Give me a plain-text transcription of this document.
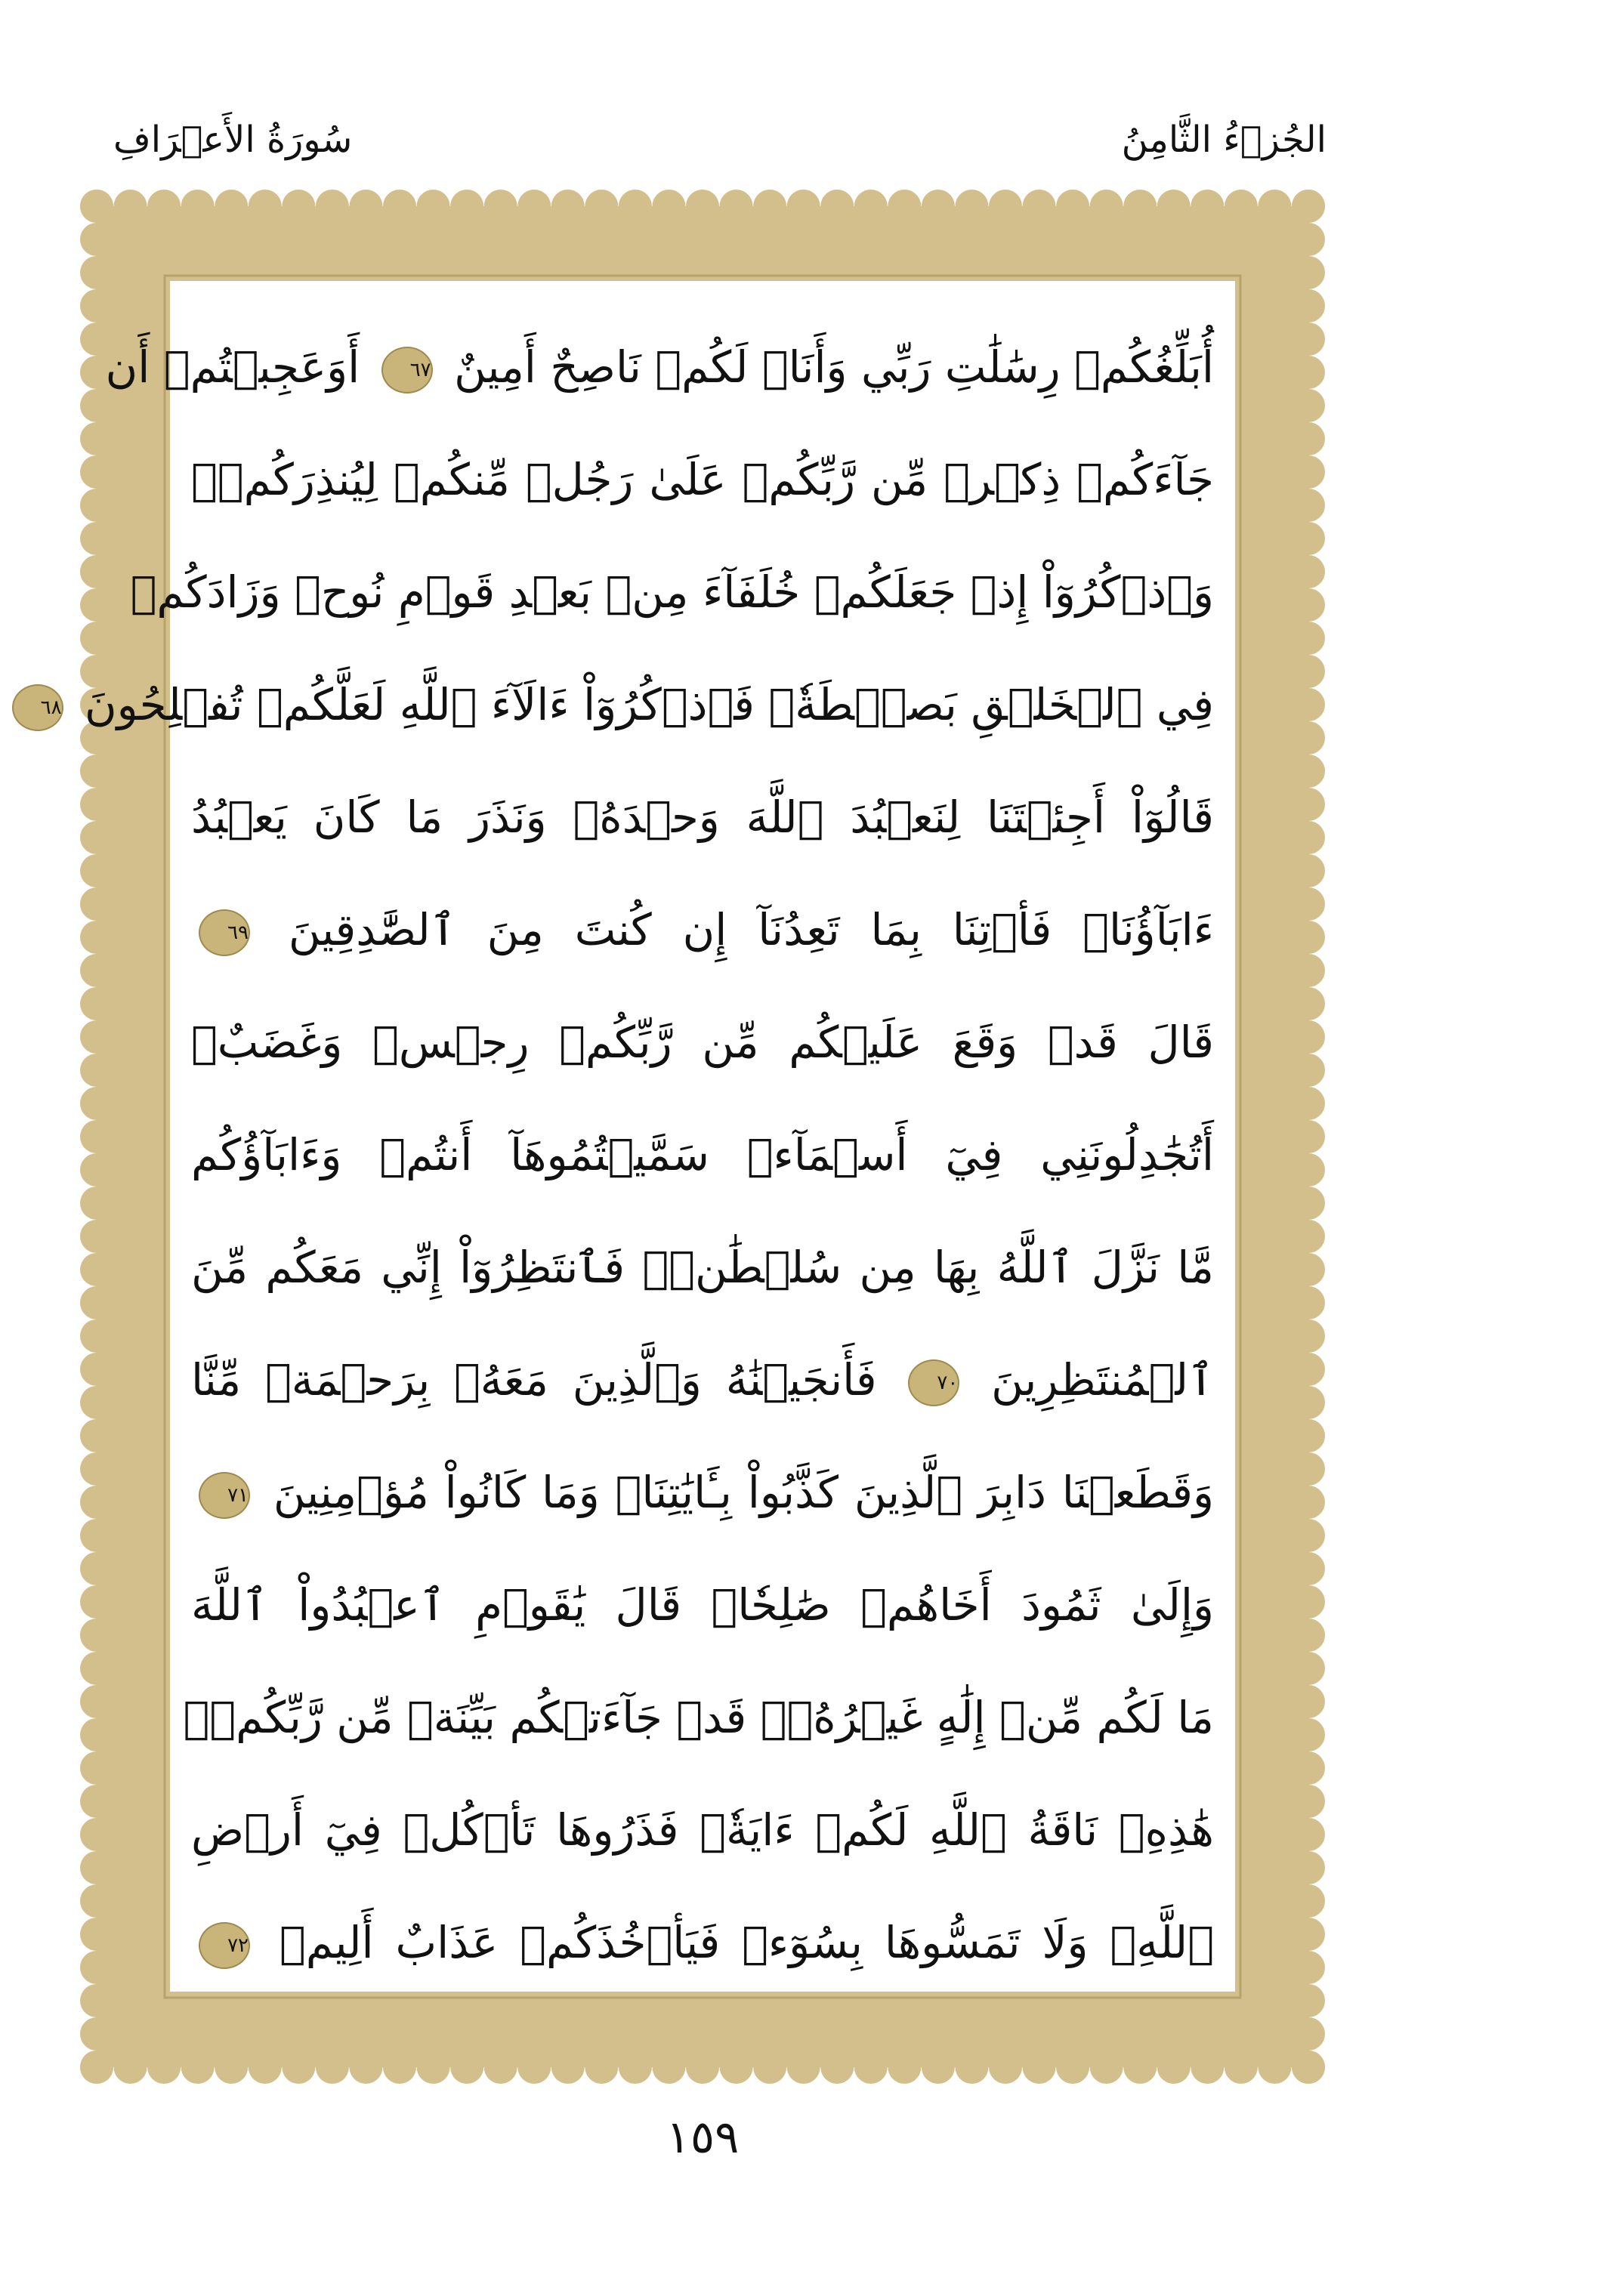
سُورَةُ الأَعۡرَافِ	الجُزۡءُ الثَّامِنُ
أُبَلِّغُكُمۡ رِسَٰلَٰتِ رَبِّي وَأَنَا۠ لَكُمۡ نَاصِحٌ أَمِينٌ ٦٧ أَوَعَجِبۡتُمۡ أَن
جَآءَكُمۡ ذِكۡرٞ مِّن رَّبِّكُمۡ عَلَىٰ رَجُلٖ مِّنكُمۡ لِيُنذِرَكُمۡۚ
وَٱذۡكُرُوٓاْ إِذۡ جَعَلَكُمۡ خُلَفَآءَ مِنۢ بَعۡدِ قَوۡمِ نُوحٖ وَزَادَكُمۡ
فِي ٱلۡخَلۡقِ بَصۜۡطَةٗۖ فَٱذۡكُرُوٓاْ ءَالَآءَ ٱللَّهِ لَعَلَّكُمۡ تُفۡلِحُونَ ٦٨
قَالُوٓاْ أَجِئۡتَنَا لِنَعۡبُدَ ٱللَّهَ وَحۡدَهُۥ وَنَذَرَ مَا كَانَ يَعۡبُدُ
ءَابَآؤُنَاۖ فَأۡتِنَا بِمَا تَعِدُنَآ إِن كُنتَ مِنَ ٱلصَّٰدِقِينَ ٦٩
قَالَ قَدۡ وَقَعَ عَلَيۡكُم مِّن رَّبِّكُمۡ رِجۡسٞ وَغَضَبٌۖ
أَتُجَٰدِلُونَنِي فِيٓ أَسۡمَآءٖ سَمَّيۡتُمُوهَآ أَنتُمۡ وَءَابَآؤُكُم
مَّا نَزَّلَ ٱللَّهُ بِهَا مِن سُلۡطَٰنٖۚ فَٱنتَظِرُوٓاْ إِنِّي مَعَكُم مِّنَ
ٱلۡمُنتَظِرِينَ ٧٠ فَأَنجَيۡنَٰهُ وَٱلَّذِينَ مَعَهُۥ بِرَحۡمَةٖ مِّنَّا
وَقَطَعۡنَا دَابِرَ ٱلَّذِينَ كَذَّبُواْ بِـَٔايَٰتِنَاۖ وَمَا كَانُواْ مُؤۡمِنِينَ ٧١
وَإِلَىٰ ثَمُودَ أَخَاهُمۡ صَٰلِحٗاۚ قَالَ يَٰقَوۡمِ ٱعۡبُدُواْ ٱللَّهَ
مَا لَكُم مِّنۡ إِلَٰهٍ غَيۡرُهُۥۖ قَدۡ جَآءَتۡكُم بَيِّنَةٞ مِّن رَّبِّكُمۡۖ
هَٰذِهِۦ نَاقَةُ ٱللَّهِ لَكُمۡ ءَايَةٗۖ فَذَرُوهَا تَأۡكُلۡ فِيٓ أَرۡضِ
ٱللَّهِۖ وَلَا تَمَسُّوهَا بِسُوٓءٖ فَيَأۡخُذَكُمۡ عَذَابٌ أَلِيمٞ ٧٢
١٥٩
